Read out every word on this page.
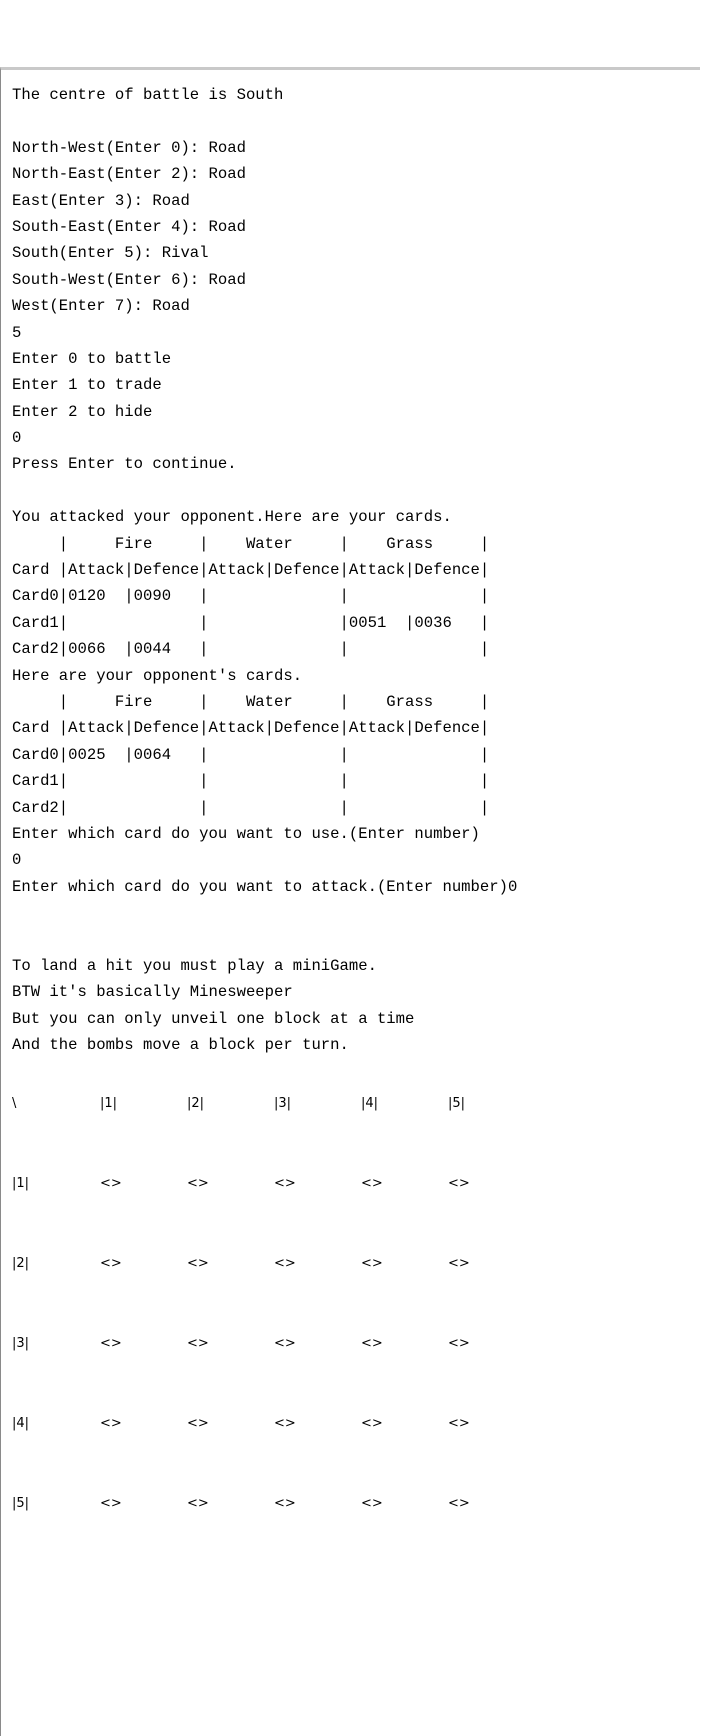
The centre of battle is South
North-West(Enter 0): Road
North-East(Enter 2): Road
East(Enter 3): Road
South-East(Enter 4): Road
South(Enter 5): Rival
South-West(Enter 6): Road
West(Enter 7): Road
5
Enter 0 to battle
Enter 1 to trade
Enter 2 to hide
0
Press Enter to continue.
You attacked your opponent.Here are your cards.
|     Fire     |    Water     |    Grass     |
Card |Attack|Defence|Attack|Defence|Attack|Defence|
Card0|0120  |0090   |              |              |
Card1|              |              |0051  |0036   |
Card2|0066  |0044   |              |              |
Here are your opponent's cards.
|     Fire     |    Water     |    Grass     |
Card |Attack|Defence|Attack|Defence|Attack|Defence|
Card0|0025  |0064   |              |              |
Card1|              |              |              |
Card2|              |              |              |
Enter which card do you want to use.(Enter number)
0
Enter which card do you want to attack.(Enter number)0
To land a hit you must play a miniGame.
BTW it's basically Minesweeper
But you can only unveil one block at a time
And the bombs move a block per turn.
\	|1|	|2|	|3|	|4|	|5|
|1|	<>	<>	<>	<>	<>
|2|	<>	<>	<>	<>	<>
|3|	<>	<>	<>	<>	<>
|4|	<>	<>	<>	<>	<>
|5|	<>	<>	<>	<>	<>
